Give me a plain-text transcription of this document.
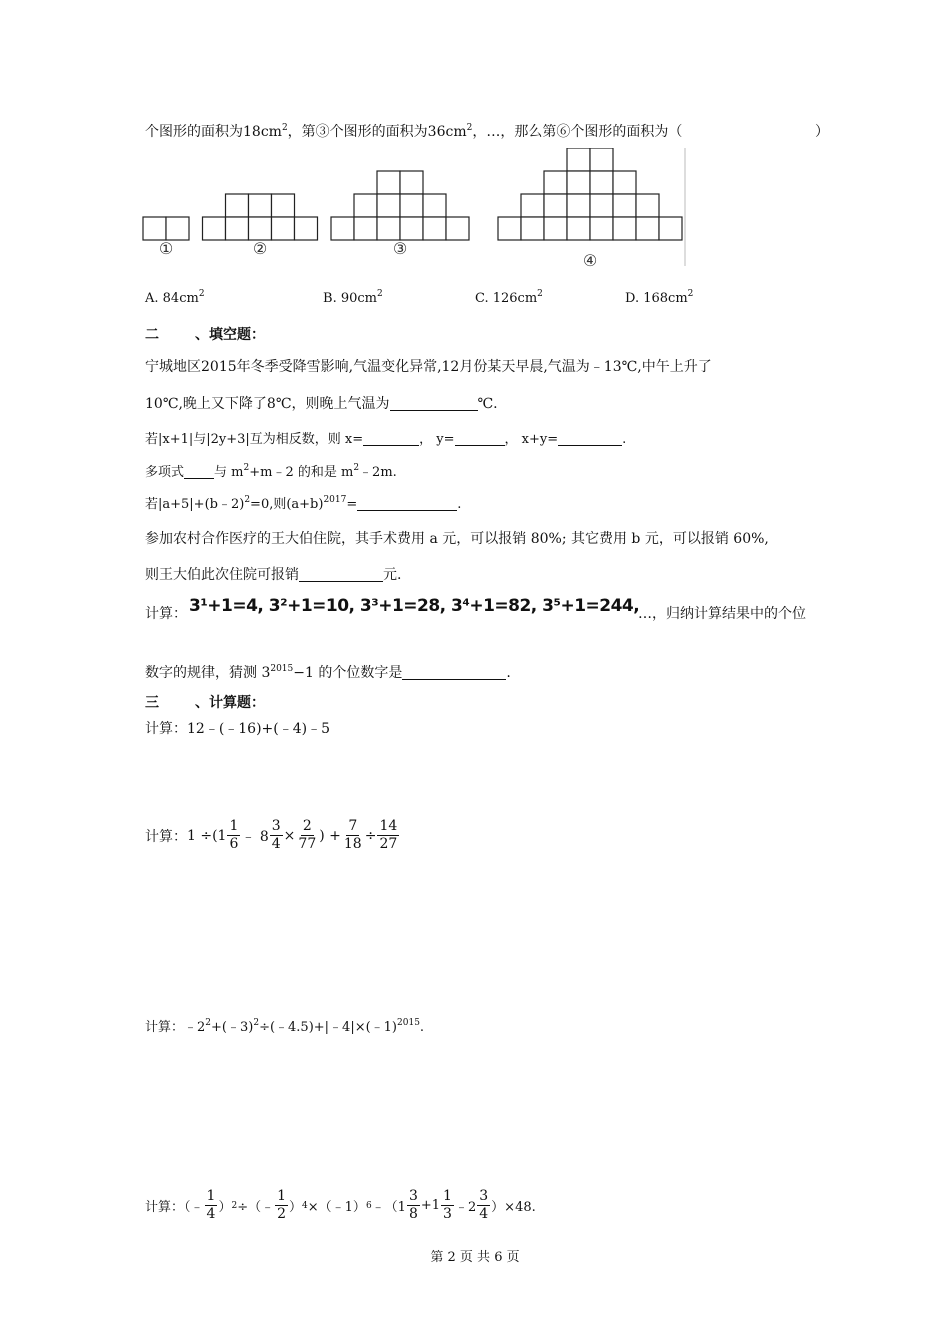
个图形的面积为$18cm^2$，第③个图形的面积为$36cm^2$，…，那么第⑥个图形的面积为（	）
①	②	③
④
A. $84cm^2$	B. $90cm^2$	C. $126cm^2$	D. $168cm^2$
二	、填空题：
宁城地区2015年冬季受降雪影响,气温变化异常,12月份某天早晨,气温为﹣13℃,中午上升了
10℃,晚上又下降了8℃，则晚上气温为	℃.
若|x+1|与|2y+3|互为相反数，则 x=	， y=	， x+y=	.
多项式 与 $m^2+m﹣2$ 的和是 $m^2﹣2m$.
若|a+5|+(b﹣2)$^2$=0,则$(a+b)^{2017}=$	.
参加农村合作医疗的王大伯住院，其手术费用 a 元，可以报销 80%; 其它费用 b 元，可以报销 60%,
则王大伯此次住院可报销	元.
计算： 3¹+1=4, 3²+1=10, 3³+1=28, 3⁴+1=82, 3⁵+1=244,
…，归纳计算结果中的个位
数字的规律，猜测 $3^{2015}-1$ 的个位数字是	.
三	、计算题：
计算：12﹣(﹣16)+(﹣4)﹣5
计算： $1 \div(1 \frac{1}{6}$ ﹣ $8 \frac{3}{4} \times \frac{2}{77}$ ) + $\frac{7}{18} \div \frac{14}{27}$
计算：$﹣2^2+(﹣3)^2\div(﹣4.5)+|﹣4|\times(﹣1)^{2015}$.
计算：（﹣ $\frac{1}{4}$ ） 2 ÷（﹣ $\frac{1}{2}$ ） 4 ×（﹣1） 6 ﹣（1 $\frac{3}{8} +1 \frac{1}{3}$ ﹣2 $\frac{3}{4} )\times 48$.
第 2 页 共 6 页
